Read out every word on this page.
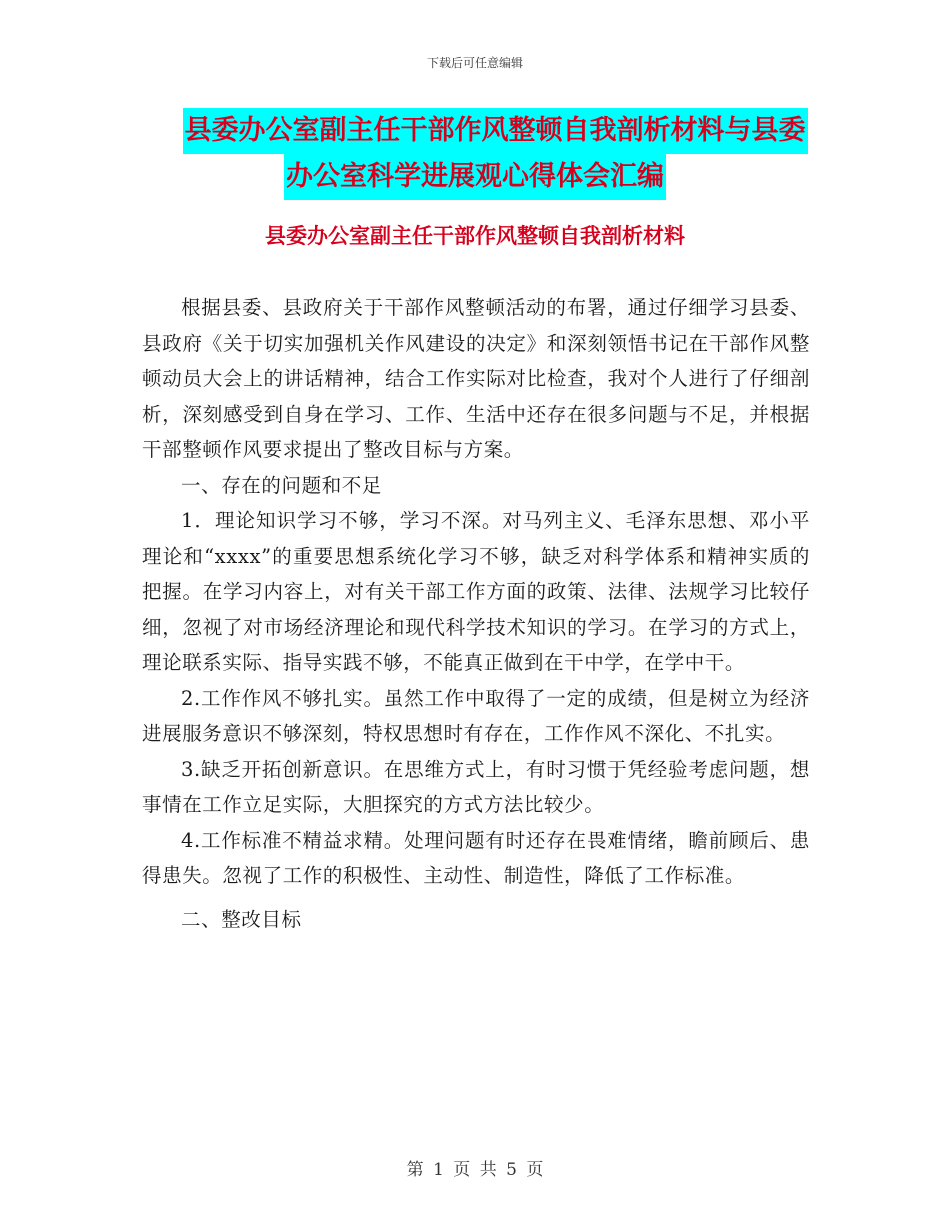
下载后可任意编辑
县委办公室副主任干部作风整顿自我剖析材料与县委
办公室科学进展观心得体会汇编
县委办公室副主任干部作风整顿自我剖析材料

根据县委、县政府关于干部作风整顿活动的布署，通过仔细学习县委、县政府《关于切实加强机关作风建设的决定》和深刻领悟书记在干部作风整顿动员大会上的讲话精神，结合工作实际对比检查，我对个人进行了仔细剖析，深刻感受到自身在学习、工作、生活中还存在很多问题与不足，并根据干部整顿作风要求提出了整改目标与方案。

一、存在的问题和不足

1．理论知识学习不够，学习不深。对马列主义、毛泽东思想、邓小平理论和“xxxx”的重要思想系统化学习不够，缺乏对科学体系和精神实质的把握。在学习内容上，对有关干部工作方面的政策、法律、法规学习比较仔细，忽视了对市场经济理论和现代科学技术知识的学习。在学习的方式上，理论联系实际、指导实践不够，不能真正做到在干中学，在学中干。

2.工作作风不够扎实。虽然工作中取得了一定的成绩，但是树立为经济进展服务意识不够深刻，特权思想时有存在，工作作风不深化、不扎实。

3.缺乏开拓创新意识。在思维方式上，有时习惯于凭经验考虑问题，想事情在工作立足实际，大胆探究的方式方法比较少。

4.工作标准不精益求精。处理问题有时还存在畏难情绪，瞻前顾后、患得患失。忽视了工作的积极性、主动性、制造性，降低了工作标准。

二、整改目标

第 1 页 共 5 页
